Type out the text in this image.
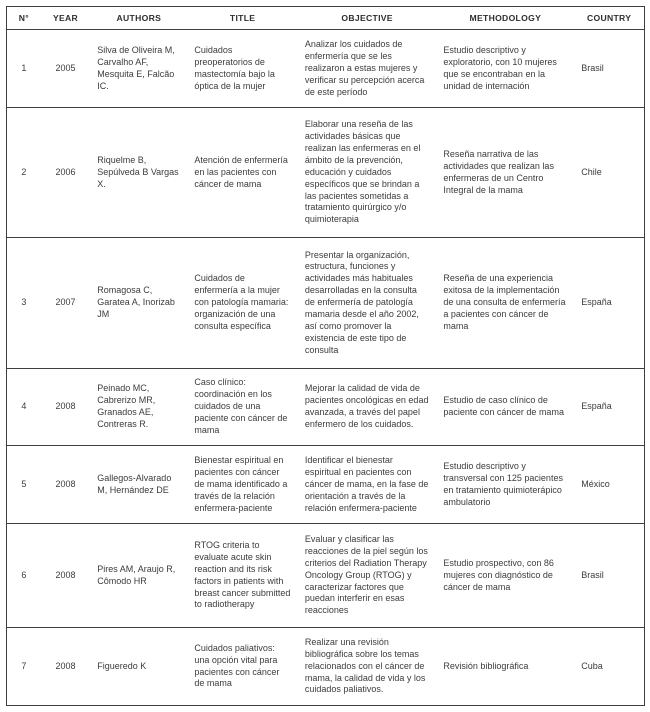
N°	YEAR	AUTHORS	TITLE	OBJECTIVE	METHODOLOGY	COUNTRY
1	2005	Silva de Oliveira M, Carvalho AF, Mesquita E, Falcão IC.	Cuidados preoperatorios de mastectomía bajo la óptica de la mujer	Analizar los cuidados de enfermería que se les realizaron a estas mujeres y verificar su percepción acerca de este período	Estudio descriptivo y exploratorio, con 10 mujeres que se encontraban en la unidad de internación	Brasil
2	2006	Riquelme B, Sepúlveda B Vargas X.	Atención de enfermería en las pacientes con cáncer de mama	Elaborar una reseña de las actividades básicas que realizan las enfermeras en el ámbito de la prevención, educación y cuidados específicos que se brindan a las pacientes sometidas a tratamiento quirúrgico y/o quimioterapia	Reseña narrativa de las actividades que realizan las enfermeras de un Centro Integral de la mama	Chile
3	2007	Romagosa C, Garatea A, Inorizab JM	Cuidados de enfermería a la mujer con patología mamaria: organización de una consulta específica	Presentar la organización, estructura, funciones y actividades más habituales desarrolladas en la consulta de enfermería de patología mamaria desde el año 2002, así como promover la existencia de este tipo de consulta	Reseña de una experiencia exitosa de la implementación de una consulta de enfermería a pacientes con cáncer de mama	España
4	2008	Peinado MC, Cabrerizo MR, Granados AE, Contreras R.	Caso clínico: coordinación en los cuidados de una paciente con cáncer de mama	Mejorar la calidad de vida de pacientes oncológicas en edad avanzada, a través del papel enfermero de los cuidados.	Estudio de caso clínico de paciente con cáncer de mama	España
5	2008	Gallegos-Alvarado M, Hernández DE	Bienestar espiritual en pacientes con cáncer de mama identificado a través de la relación enfermera-paciente	Identificar el bienestar espiritual en pacientes con cáncer de mama, en la fase de orientación a través de la relación enfermera-paciente	Estudio descriptivo y transversal con 125 pacientes en tratamiento quimioterápico ambulatorio	México
6	2008	Pires AM, Araujo R, Cômodo HR	RTOG criteria to evaluate acute skin reaction and its risk factors in patients with breast cancer submitted to radiotherapy	Evaluar y clasificar las reacciones de la piel según los criterios del Radiation Therapy Oncology Group (RTOG) y caracterizar factores que puedan interferir en esas reacciones	Estudio prospectivo, con 86 mujeres con diagnóstico de cáncer de mama	Brasil
7	2008	Figueredo K	Cuidados paliativos: una opción vital para pacientes con cáncer de mama	Realizar una revisión bibliográfica sobre los temas relacionados con el cáncer de mama, la calidad de vida y los cuidados paliativos.	Revisión bibliográfica	Cuba
